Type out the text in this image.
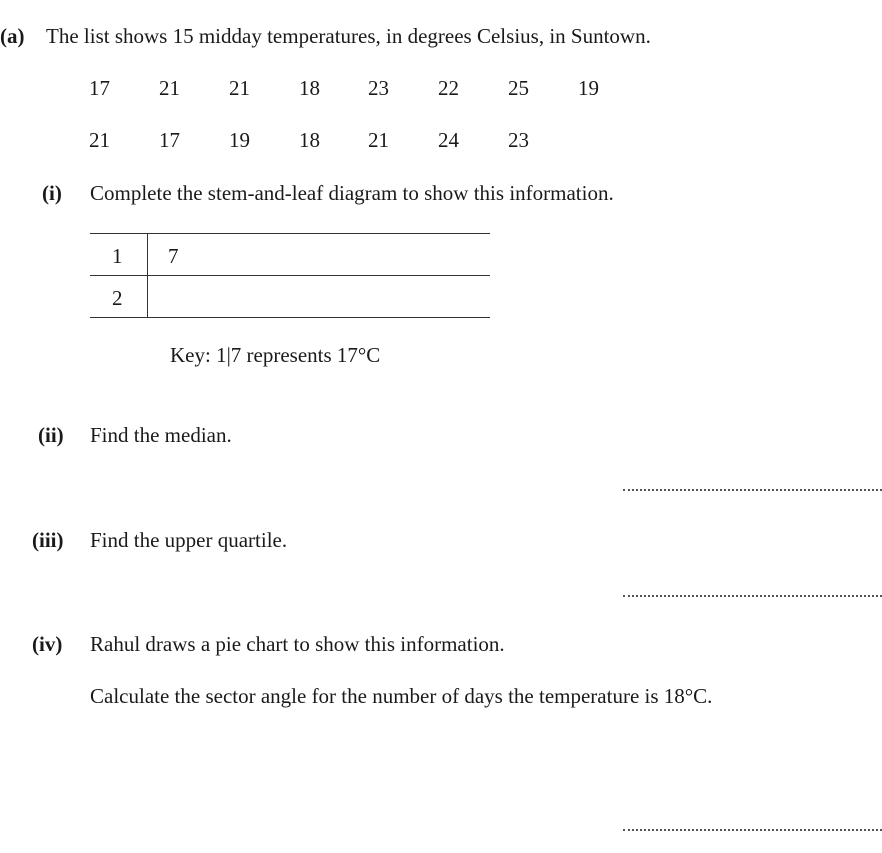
(a) The list shows 15 midday temperatures, in degrees Celsius, in Suntown.
17 21 21 18 23 22 25 19
21 17 19 18 21 24 23
(i) Complete the stem-and-leaf diagram to show this information.
1 7
2
Key: 1|7 represents 17°C
(ii) Find the median.
(iii) Find the upper quartile.
(iv) Rahul draws a pie chart to show this information.
Calculate the sector angle for the number of days the temperature is 18°C.
